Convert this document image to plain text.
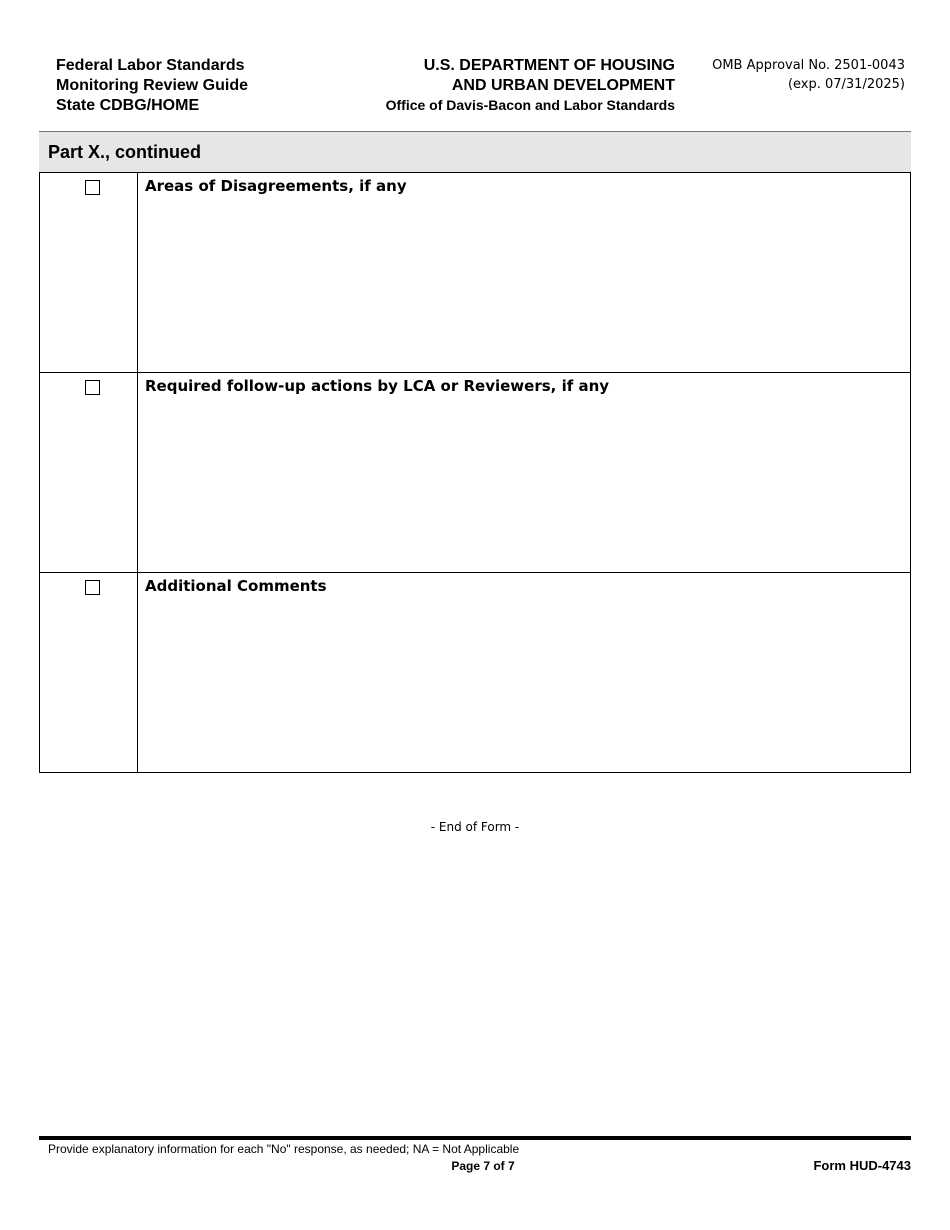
Federal Labor Standards
Monitoring Review Guide
State CDBG/HOME
U.S. DEPARTMENT OF HOUSING
AND URBAN DEVELOPMENT
Office of Davis-Bacon and Labor Standards
OMB Approval No. 2501-0043
(exp. 07/31/2025)
Part X., continued

	Areas of Disagreements, if any

	Required follow-up actions by LCA or Reviewers, if any

	Additional Comments
- End of Form -
Provide explanatory information for each "No" response, as needed; NA = Not Applicable
Page 7 of 7	Form HUD-4743
